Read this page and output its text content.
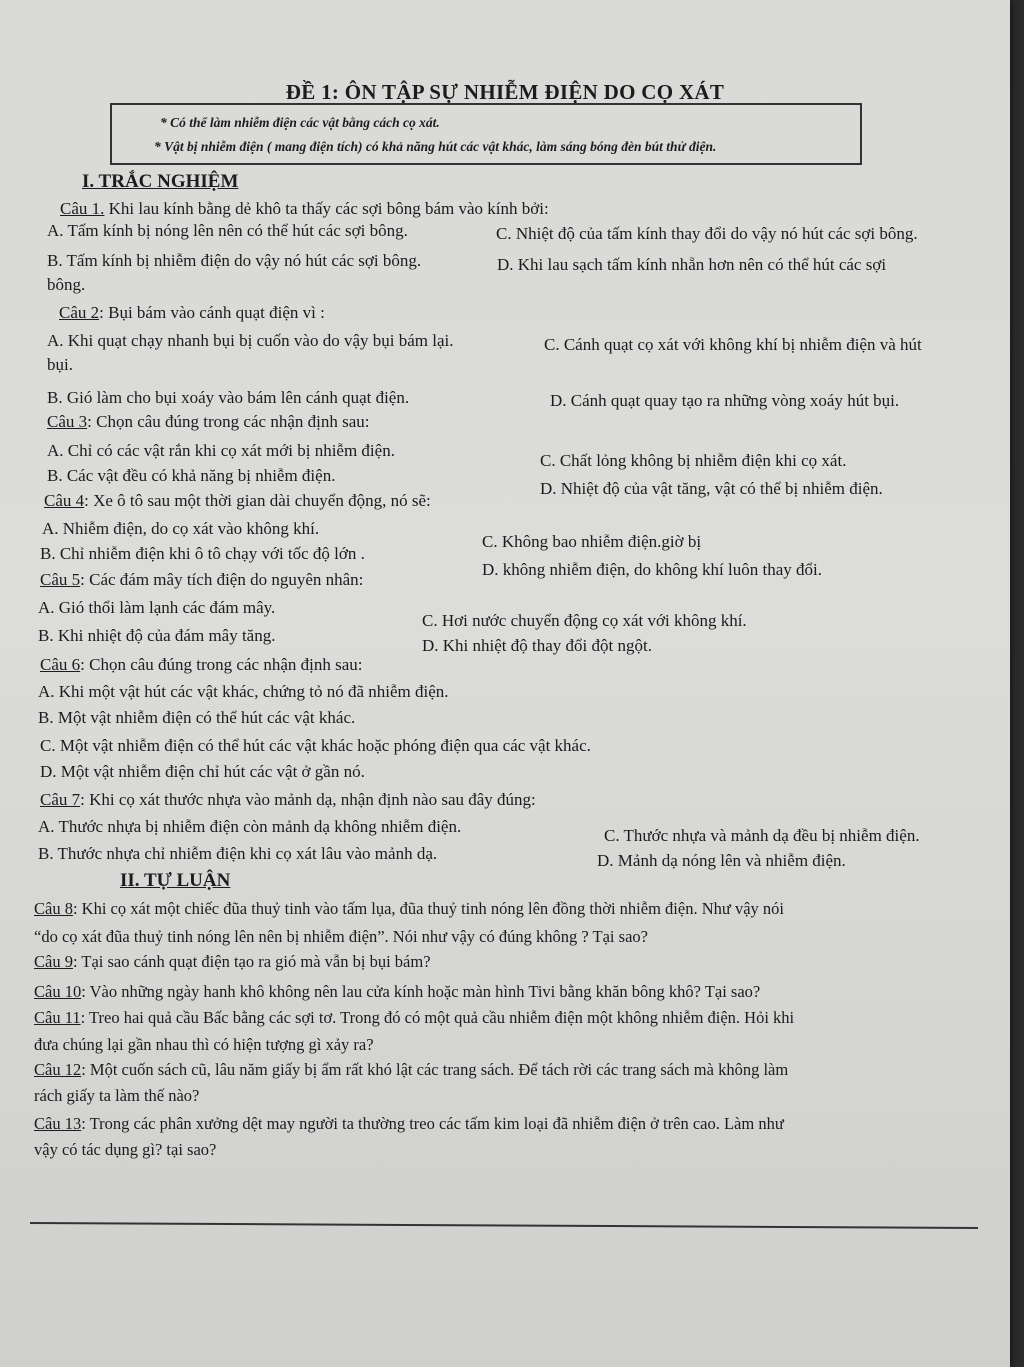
ĐỀ 1: ÔN TẬP SỰ NHIỄM ĐIỆN DO CỌ XÁT
* Có thể làm nhiễm điện các vật bằng cách cọ xát.
* Vật bị nhiễm điện ( mang điện tích) có khả năng hút các vật khác, làm sáng bóng đèn bút thử điện.
I. TRẮC NGHIỆM
Câu 1. Khi lau kính bằng dẻ khô ta thấy các sợi bông bám vào kính bởi:
A. Tấm kính bị nóng lên nên có thể hút các sợi bông.	C. Nhiệt độ của tấm kính thay đổi do vậy nó hút các sợi bông.
B. Tấm kính bị nhiễm điện do vậy nó hút các sợi bông.	D. Khi lau sạch tấm kính nhẵn hơn nên có thể hút các sợi
bông.
Câu 2: Bụi bám vào cánh quạt điện vì :
A. Khi quạt chạy nhanh bụi bị cuốn vào do vậy bụi bám lại.	C. Cánh quạt cọ xát với không khí bị nhiễm điện và hút
bụi.
B. Gió làm cho bụi xoáy vào bám lên cánh quạt điện.	D. Cánh quạt quay tạo ra những vòng xoáy hút bụi.
Câu 3: Chọn câu đúng trong các nhận định sau:
A. Chỉ có các vật rắn khi cọ xát mới bị nhiễm điện.
C. Chất lỏng không bị nhiễm điện khi cọ xát.
B. Các vật đều có khả năng bị nhiễm điện.
D. Nhiệt độ của vật tăng, vật có thể bị nhiễm điện.
Câu 4: Xe ô tô sau một thời gian dài chuyển động, nó sẽ:
A. Nhiễm điện, do cọ xát vào không khí.
C. Không bao nhiễm điện.giờ bị
B. Chỉ nhiễm điện khi ô tô chạy với tốc độ lớn .
D. không nhiễm điện, do không khí luôn thay đổi.
Câu 5: Các đám mây tích điện do nguyên nhân:
A. Gió thổi làm lạnh các đám mây.
C. Hơi nước chuyển động cọ xát với không khí.
B. Khi nhiệt độ của đám mây tăng.
D. Khi nhiệt độ thay đổi đột ngột.
Câu 6: Chọn câu đúng trong các nhận định sau:
A. Khi một vật hút các vật khác, chứng tỏ nó đã nhiễm điện.
B. Một vật nhiễm điện có thể hút các vật khác.
C. Một vật nhiễm điện có thể hút các vật khác hoặc phóng điện qua các vật khác.
D. Một vật nhiễm điện chỉ hút các vật ở gần nó.
Câu 7: Khi cọ xát thước nhựa vào mảnh dạ, nhận định nào sau đây đúng:
A. Thước nhựa bị nhiễm điện còn mảnh dạ không nhiễm điện.	C. Thước nhựa và mảnh dạ đều bị nhiễm điện.
B. Thước nhựa chỉ nhiễm điện khi cọ xát lâu vào mảnh dạ.	D. Mảnh dạ nóng lên và nhiễm điện.
II. TỰ LUẬN
Câu 8: Khi cọ xát một chiếc đũa thuỷ tinh vào tấm lụa, đũa thuỷ tinh nóng lên đồng thời nhiễm điện. Như vậy nói
“do cọ xát đũa thuỷ tinh nóng lên nên bị nhiễm điện”. Nói như vậy có đúng không ? Tại sao?
Câu 9: Tại sao cánh quạt điện tạo ra gió mà vẫn bị bụi bám?
Câu 10: Vào những ngày hanh khô không nên lau cửa kính hoặc màn hình Tivi bằng khăn bông khô? Tại sao?
Câu 11: Treo hai quả cầu Bấc bằng các sợi tơ. Trong đó có một quả cầu nhiễm điện một không nhiễm điện. Hỏi khi
đưa chúng lại gần nhau thì có hiện tượng gì xảy ra?
Câu 12: Một cuốn sách cũ, lâu năm giấy bị ẩm rất khó lật các trang sách. Để tách rời các trang sách mà không làm
rách giấy ta làm thế nào?
Câu 13: Trong các phân xưởng dệt may người ta thường treo các tấm kim loại đã nhiễm điện ở trên cao. Làm như
vậy có tác dụng gì? tại sao?
